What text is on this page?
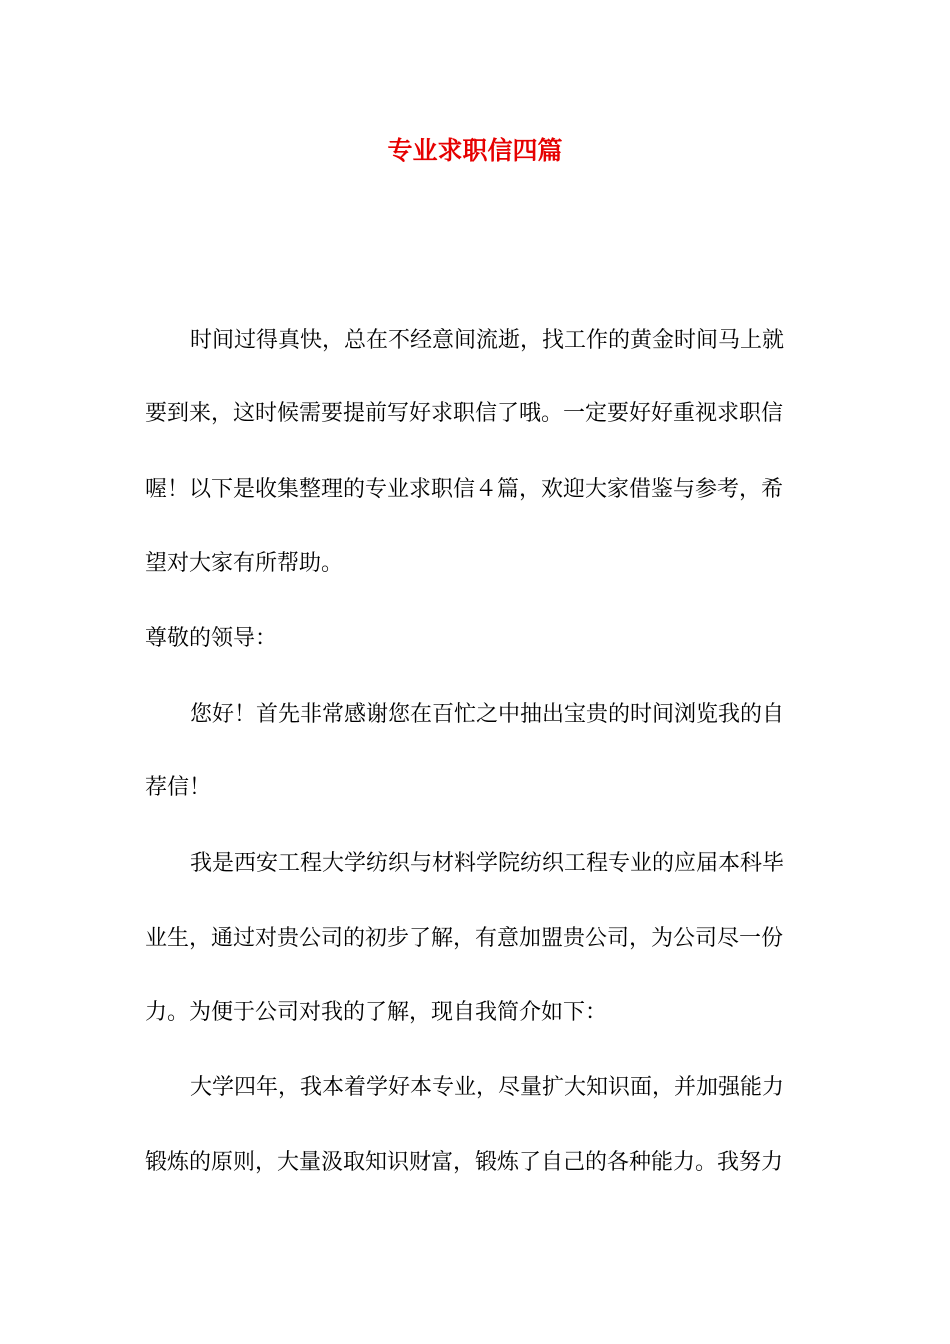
专业求职信四篇

时间过得真快，总在不经意间流逝，找工作的黄金时间马上就

要到来，这时候需要提前写好求职信了哦。一定要好好重视求职信

喔！以下是收集整理的专业求职信４篇，欢迎大家借鉴与参考，希

望对大家有所帮助。

尊敬的领导：

您好！首先非常感谢您在百忙之中抽出宝贵的时间浏览我的自

荐信！

我是西安工程大学纺织与材料学院纺织工程专业的应届本科毕

业生，通过对贵公司的初步了解，有意加盟贵公司，为公司尽一份

力。为便于公司对我的了解，现自我简介如下：

大学四年，我本着学好本专业，尽量扩大知识面，并加强能力

锻炼的原则，大量汲取知识财富，锻炼了自己的各种能力。我努力
